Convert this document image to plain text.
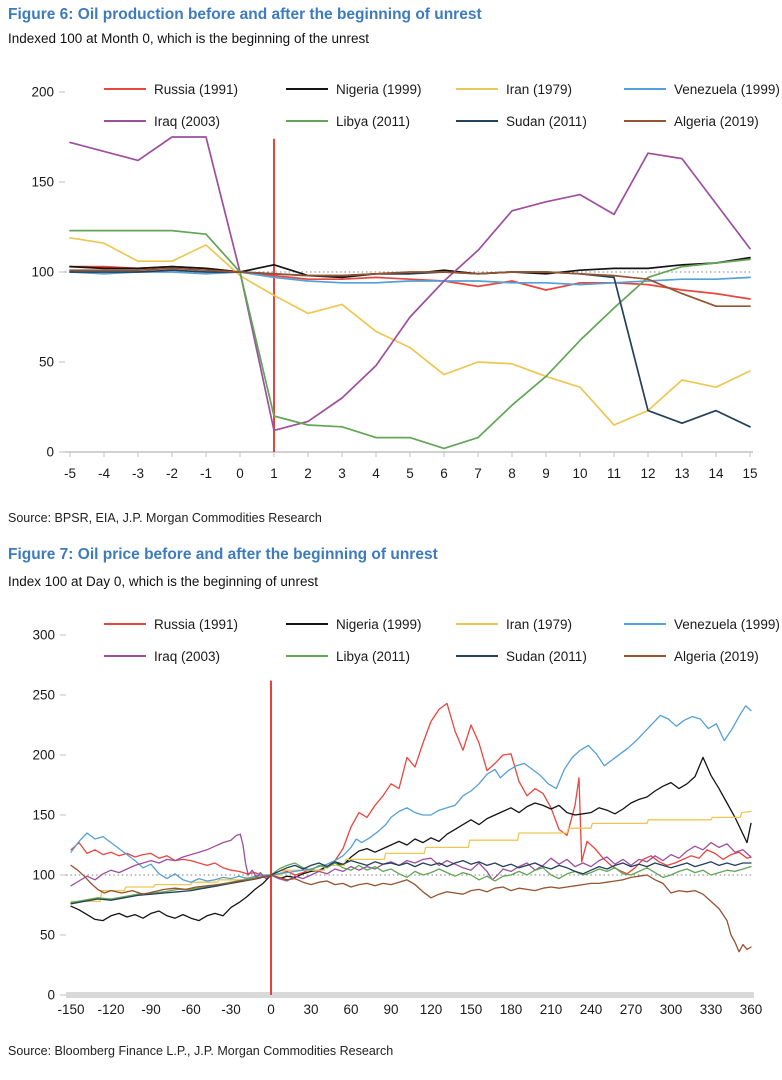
Figure 6: Oil production before and after the beginning of unrest
Indexed 100 at Month 0, which is the beginning of the unrest
Russia (1991)	Nigeria (1999)	Iran (1979)	Venezuela (1999)
Iraq (2003)	Libya (2011)	Sudan (2011)	Algeria (2019)
0
50
100
150
200
-5 -4 -3 -2 -1 0 1 2 3 4 5 6 7 8 9 10 11 12 13 14 15
Source: BPSR, EIA, J.P. Morgan Commodities Research
Figure 7: Oil price before and after the beginning of unrest
Index 100 at Day 0, which is the beginning of unrest
Russia (1991)	Nigeria (1999)	Iran (1979)	Venezuela (1999)
Iraq (2003)	Libya (2011)	Sudan (2011)	Algeria (2019)
0
50
100
150
200
250
300
-150 -120 -90 -60 -30 0 30 60 90 120 150 180 210 240 270 300 330 360
Source: Bloomberg Finance L.P., J.P. Morgan Commodities Research
